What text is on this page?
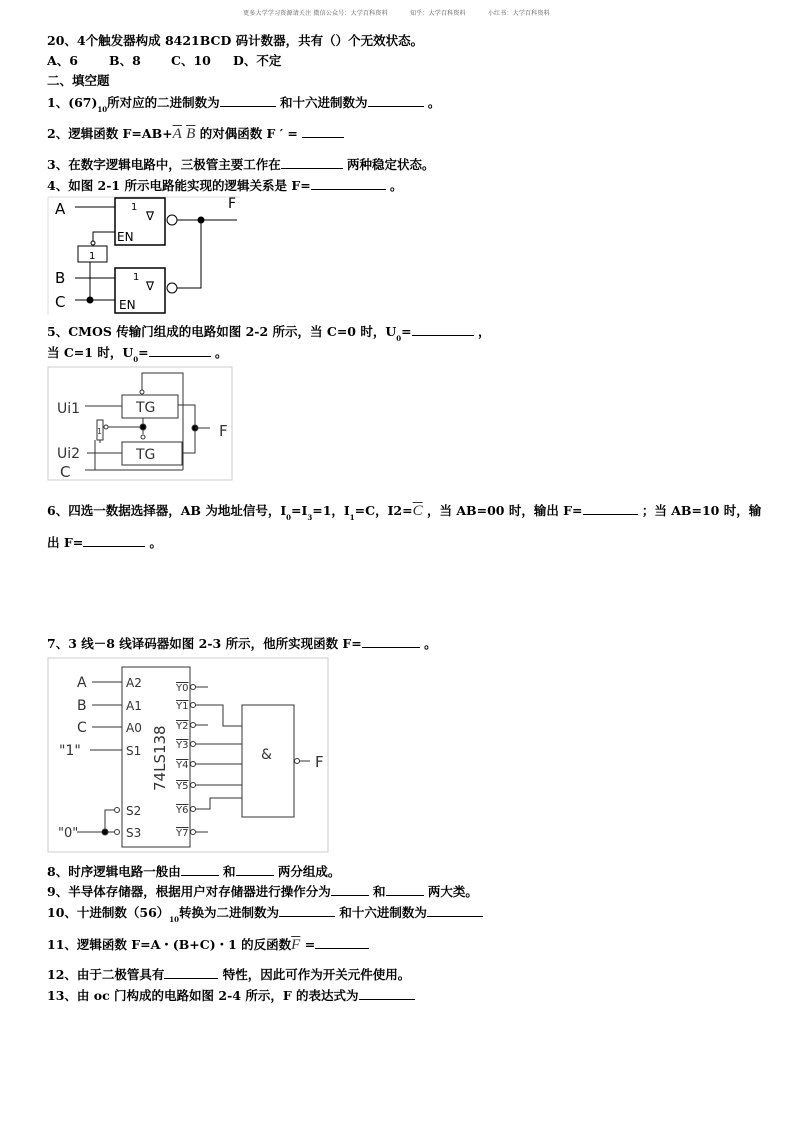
更多大学学习资源请关注 微信公众号：大学百科资料	知乎：大学百科资料	小红书：大学百科资料
20、4个触发器构成 8421BCD 码计数器，共有（）个无效状态。
A、6 B、8 C、10 D、不定
二、填空题
1、$(67)_{10}$所对应的二进制数为	和十六进制数为	。
2、逻辑函数 $F=AB+\overline{A}$ $\overline{B}$ 的对偶函数 F ′ =
3、在数字逻辑电路中，三极管主要工作在	两种稳定状态。
4、如图 2-1 所示电路能实现的逻辑关系是 F=	。
A	1
∇
EN
F
1
B	1
∇
EN
C
5、CMOS 传输门组成的电路如图 2-2 所示，当 C=0 时，$U_0=$	，
当 C=1 时，$U_0=$	。
Ui1	TG
1
Ui2	TG
C
F
6、四选一数据选择器，AB 为地址信号，$I_0=I_3=1$，$I_1=C$，$I2=\overline{C}$ ，当 AB=00 时，输出 F=	；当 AB=10 时，输
出 F=	。
7、3 线－8 线译码器如图 2-3 所示，他所实现函数 F=	。
A	A2
B	A1
C	A0
"1"	S1
Y0
Y1
Y2
Y3
Y4
Y5
Y6
Y7
74LS138
S2
S3
"0"
&	F
8、时序逻辑电路一般由	和	两分组成。
9、半导体存储器，根据用户对存储器进行操作分为	和	两大类。
10、十进制数$(56)_{10}$转换为二进制数为	和十六进制数为
11、逻辑函数 F=A・(B+C)・1 的反函数$\overline{F}$ =
12、由于二极管具有	特性，因此可作为开关元件使用。
13、由 oc 门构成的电路如图 2-4 所示，F 的表达式为
